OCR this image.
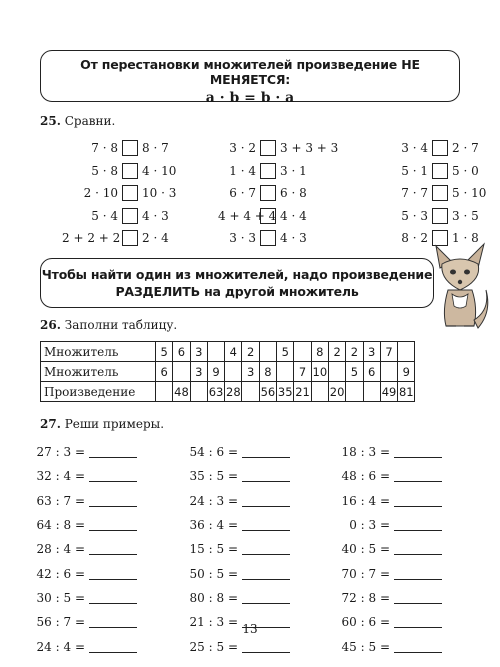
От перестановки множителей произведение НЕ МЕНЯЕТСЯ:
a · b = b · a
25. Сравни.
7 · 8 8 · 7
5 · 8 4 · 10
2 · 10 10 · 3
5 · 4 4 · 3
2 + 2 + 2 2 · 4
3 · 2 3 + 3 + 3
1 · 4 3 · 1
6 · 7 6 · 8
4 + 4 + 4 4 · 4
3 · 3 4 · 3
3 · 4 2 · 7
5 · 1 5 · 0
7 · 7 5 · 10
5 · 3 3 · 5
8 · 2 1 · 8
Чтобы найти один из множителей, надо произведение
РАЗДЕЛИТЬ на другой множитель
26. Заполни таблицу.
Множитель	5	6	3		4	2		5		8	2	2	3	7	
Множитель	6		3	9		3	8		7	10		5	6		9
Произведение		48		63	28		56	35	21		20			49	81
27. Реши примеры.
27 : 3 =
32 : 4 =
63 : 7 =
64 : 8 =
28 : 4 =
42 : 6 =
30 : 5 =
56 : 7 =
24 : 4 =
54 : 6 =
35 : 5 =
24 : 3 =
36 : 4 =
15 : 5 =
50 : 5 =
80 : 8 =
21 : 3 =
25 : 5 =
18 : 3 =
48 : 6 =
16 : 4 =
0 : 3 =
40 : 5 =
70 : 7 =
72 : 8 =
60 : 6 =
45 : 5 =
13
